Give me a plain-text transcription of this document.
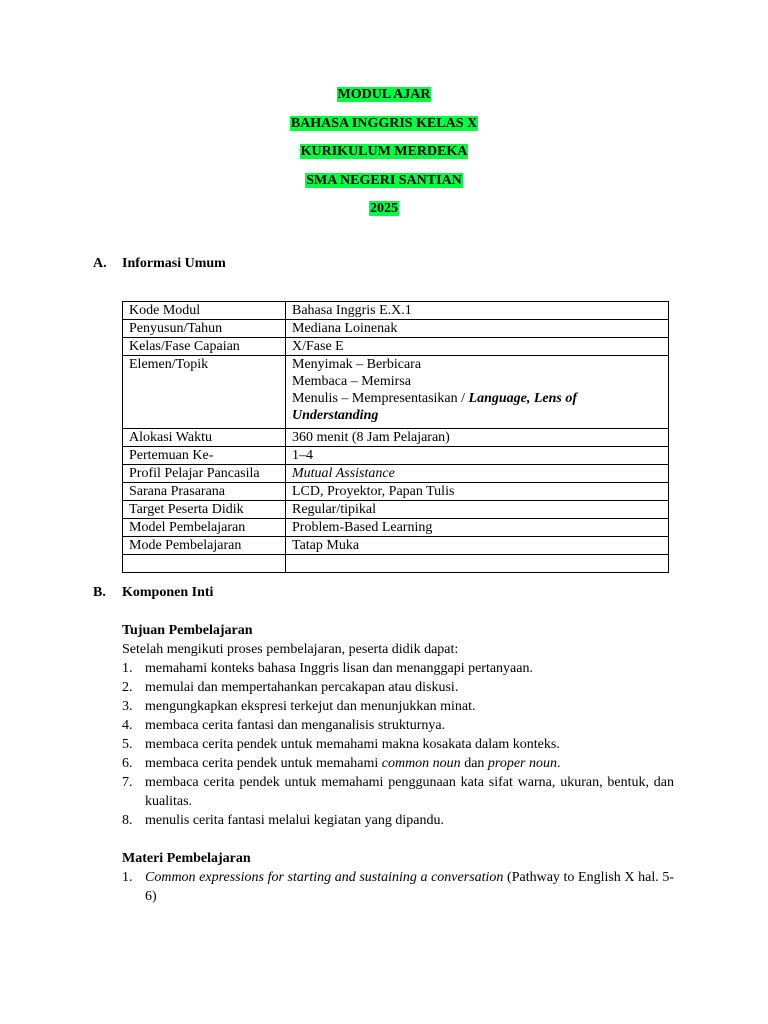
MODUL AJAR
BAHASA INGGRIS KELAS X
KURIKULUM MERDEKA
SMA NEGERI SANTIAN
2025
A. Informasi Umum
Kode Modul	Bahasa Inggris E.X.1
Penyusun/Tahun	Mediana Loinenak
Kelas/Fase Capaian	X/Fase E
Elemen/Topik	Menyimak – Berbicara
Membaca – Memirsa
Menulis – Mempresentasikan / Language, Lens of Understanding

Alokasi Waktu	360 menit (8 Jam Pelajaran)
Pertemuan Ke-	1–4
Profil Pelajar Pancasila	Mutual Assistance
Sarana Prasarana	LCD, Proyektor, Papan Tulis
Target Peserta Didik	Regular/tipikal
Model Pembelajaran	Problem-Based Learning
Mode Pembelajaran	Tatap Muka

B. Komponen Inti
Tujuan Pembelajaran
Setelah mengikuti proses pembelajaran, peserta didik dapat:
1. memahami konteks bahasa Inggris lisan dan menanggapi pertanyaan.
2. memulai dan mempertahankan percakapan atau diskusi.
3. mengungkapkan ekspresi terkejut dan menunjukkan minat.
4. membaca cerita fantasi dan menganalisis strukturnya.
5. membaca cerita pendek untuk memahami makna kosakata dalam konteks.
6. membaca cerita pendek untuk memahami common noun dan proper noun.
7. membaca cerita pendek untuk memahami penggunaan kata sifat warna, ukuran, bentuk, dan kualitas.
8. menulis cerita fantasi melalui kegiatan yang dipandu.
Materi Pembelajaran
1. Common expressions for starting and sustaining a conversation (Pathway to English X hal. 5-6)
